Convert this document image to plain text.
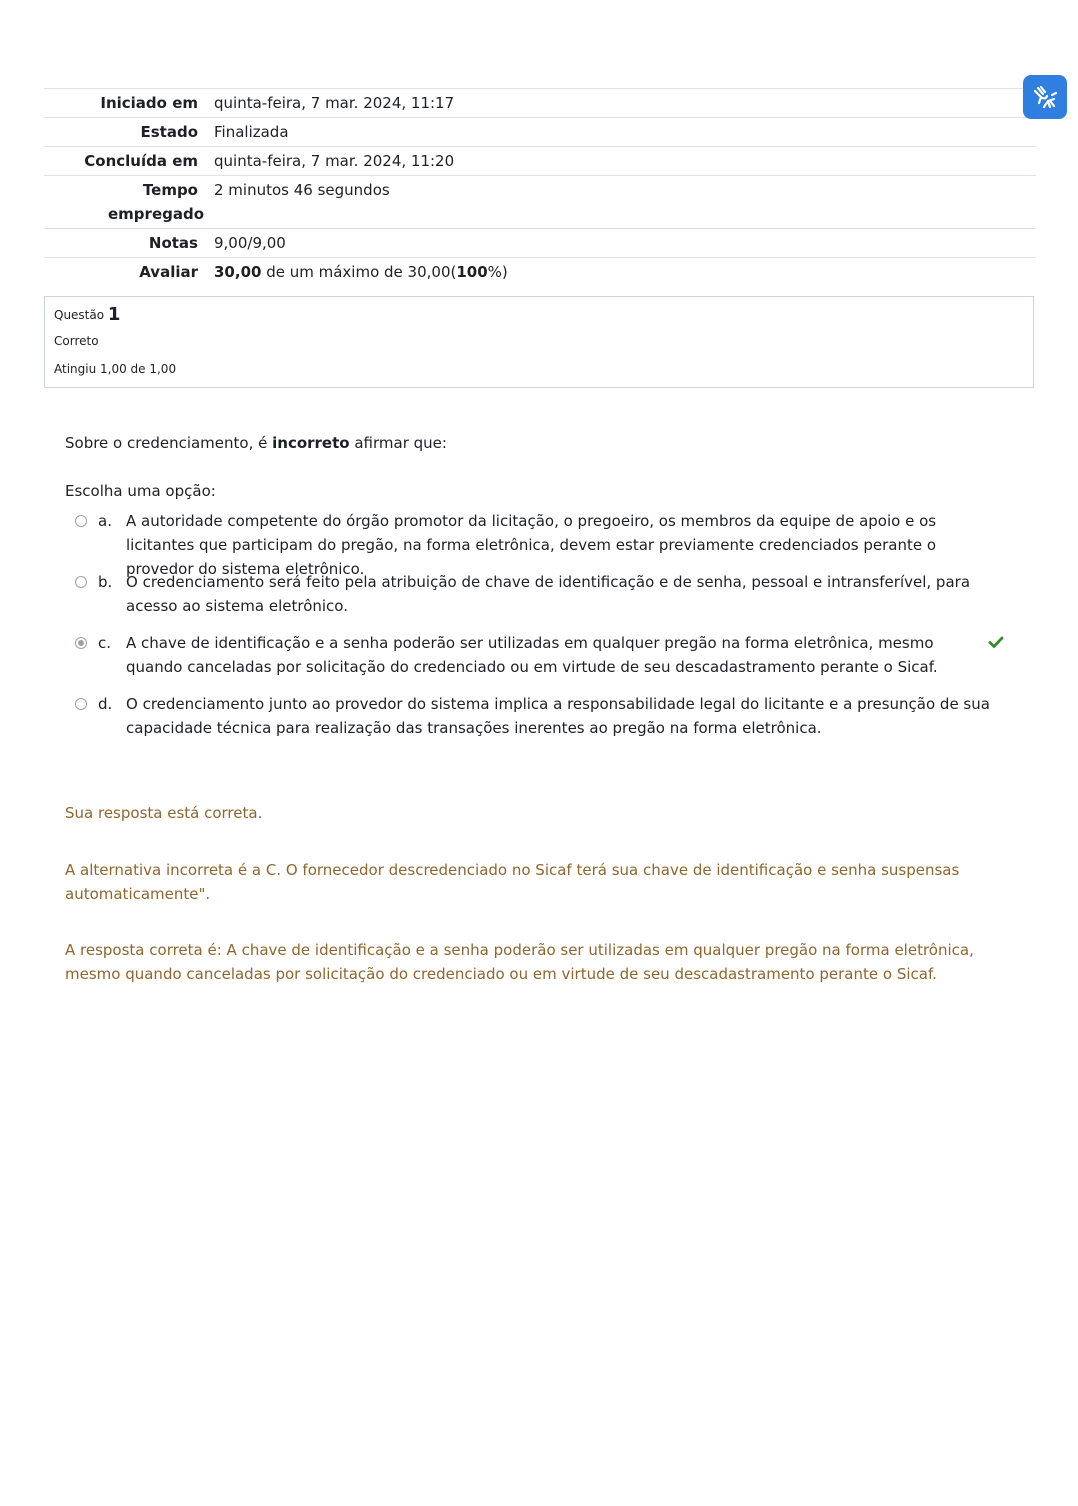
Iniciado em	quinta-feira, 7 mar. 2024, 11:17
Estado	Finalizada
Concluída em	quinta-feira, 7 mar. 2024, 11:20
Tempo empregado	2 minutos 46 segundos
Notas	9,00/9,00
Avaliar	30,00 de um máximo de 30,00(100%)
Questão 1
Correto
Atingiu 1,00 de 1,00
Sobre o credenciamento, é incorreto afirmar que:
Escolha uma opção:
a. A autoridade competente do órgão promotor da licitação, o pregoeiro, os membros da equipe de apoio e os licitantes que participam do pregão, na forma eletrônica, devem estar previamente credenciados perante o provedor do sistema eletrônico.
b. O credenciamento será feito pela atribuição de chave de identificação e de senha, pessoal e intransferível, para acesso ao sistema eletrônico.
c. A chave de identificação e a senha poderão ser utilizadas em qualquer pregão na forma eletrônica, mesmo quando canceladas por solicitação do credenciado ou em virtude de seu descadastramento perante o Sicaf.
d. O credenciamento junto ao provedor do sistema implica a responsabilidade legal do licitante e a presunção de sua capacidade técnica para realização das transações inerentes ao pregão na forma eletrônica.
Sua resposta está correta.
A alternativa incorreta é a C. O fornecedor descredenciado no Sicaf terá sua chave de identificação e senha suspensas automaticamente".
A resposta correta é: A chave de identificação e a senha poderão ser utilizadas em qualquer pregão na forma eletrônica, mesmo quando canceladas por solicitação do credenciado ou em virtude de seu descadastramento perante o Sicaf.
